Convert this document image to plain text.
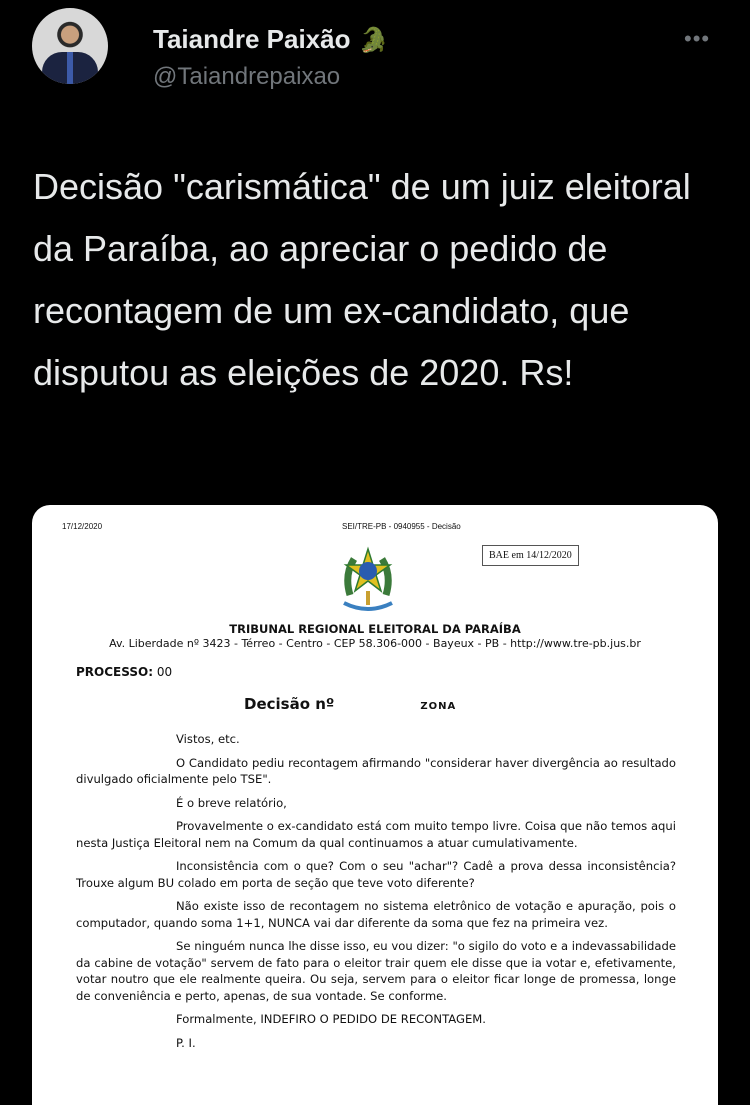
Taiandre Paixão 🐊
@Taiandrepaixao
•••
Decisão "carismática" de um juiz eleitoral da Paraíba, ao apreciar o pedido de recontagem de um ex-candidato, que disputou as eleições de 2020. Rs!
17/12/2020	SEI/TRE-PB - 0940955 - Decisão
BAE em 14/12/2020
TRIBUNAL REGIONAL ELEITORAL DA PARAÍBA
Av. Liberdade nº 3423 - Térreo - Centro - CEP 58.306-000 - Bayeux - PB - http://www.tre-pb.jus.br
PROCESSO: 00
Decisão nº	ZONA

Vistos, etc.

O Candidato pediu recontagem afirmando "considerar haver divergência ao resultado divulgado oficialmente pelo TSE".

É o breve relatório,

Provavelmente o ex-candidato está com muito tempo livre. Coisa que não temos aqui nesta Justiça Eleitoral nem na Comum da qual continuamos a atuar cumulativamente.

Inconsistência com o que? Com o seu "achar"? Cadê a prova dessa inconsistência? Trouxe algum BU colado em porta de seção que teve voto diferente?

Não existe isso de recontagem no sistema eletrônico de votação e apuração, pois o computador, quando soma 1+1, NUNCA vai dar diferente da soma que fez na primeira vez.

Se ninguém nunca lhe disse isso, eu vou dizer: "o sigilo do voto e a indevassabilidade da cabine de votação" servem de fato para o eleitor trair quem ele disse que ia votar e, efetivamente, votar noutro que ele realmente queira. Ou seja, servem para o eleitor ficar longe de promessa, longe de conveniência e perto, apenas, de sua vontade. Se conforme.

Formalmente, INDEFIRO O PEDIDO DE RECONTAGEM.

P. I.
